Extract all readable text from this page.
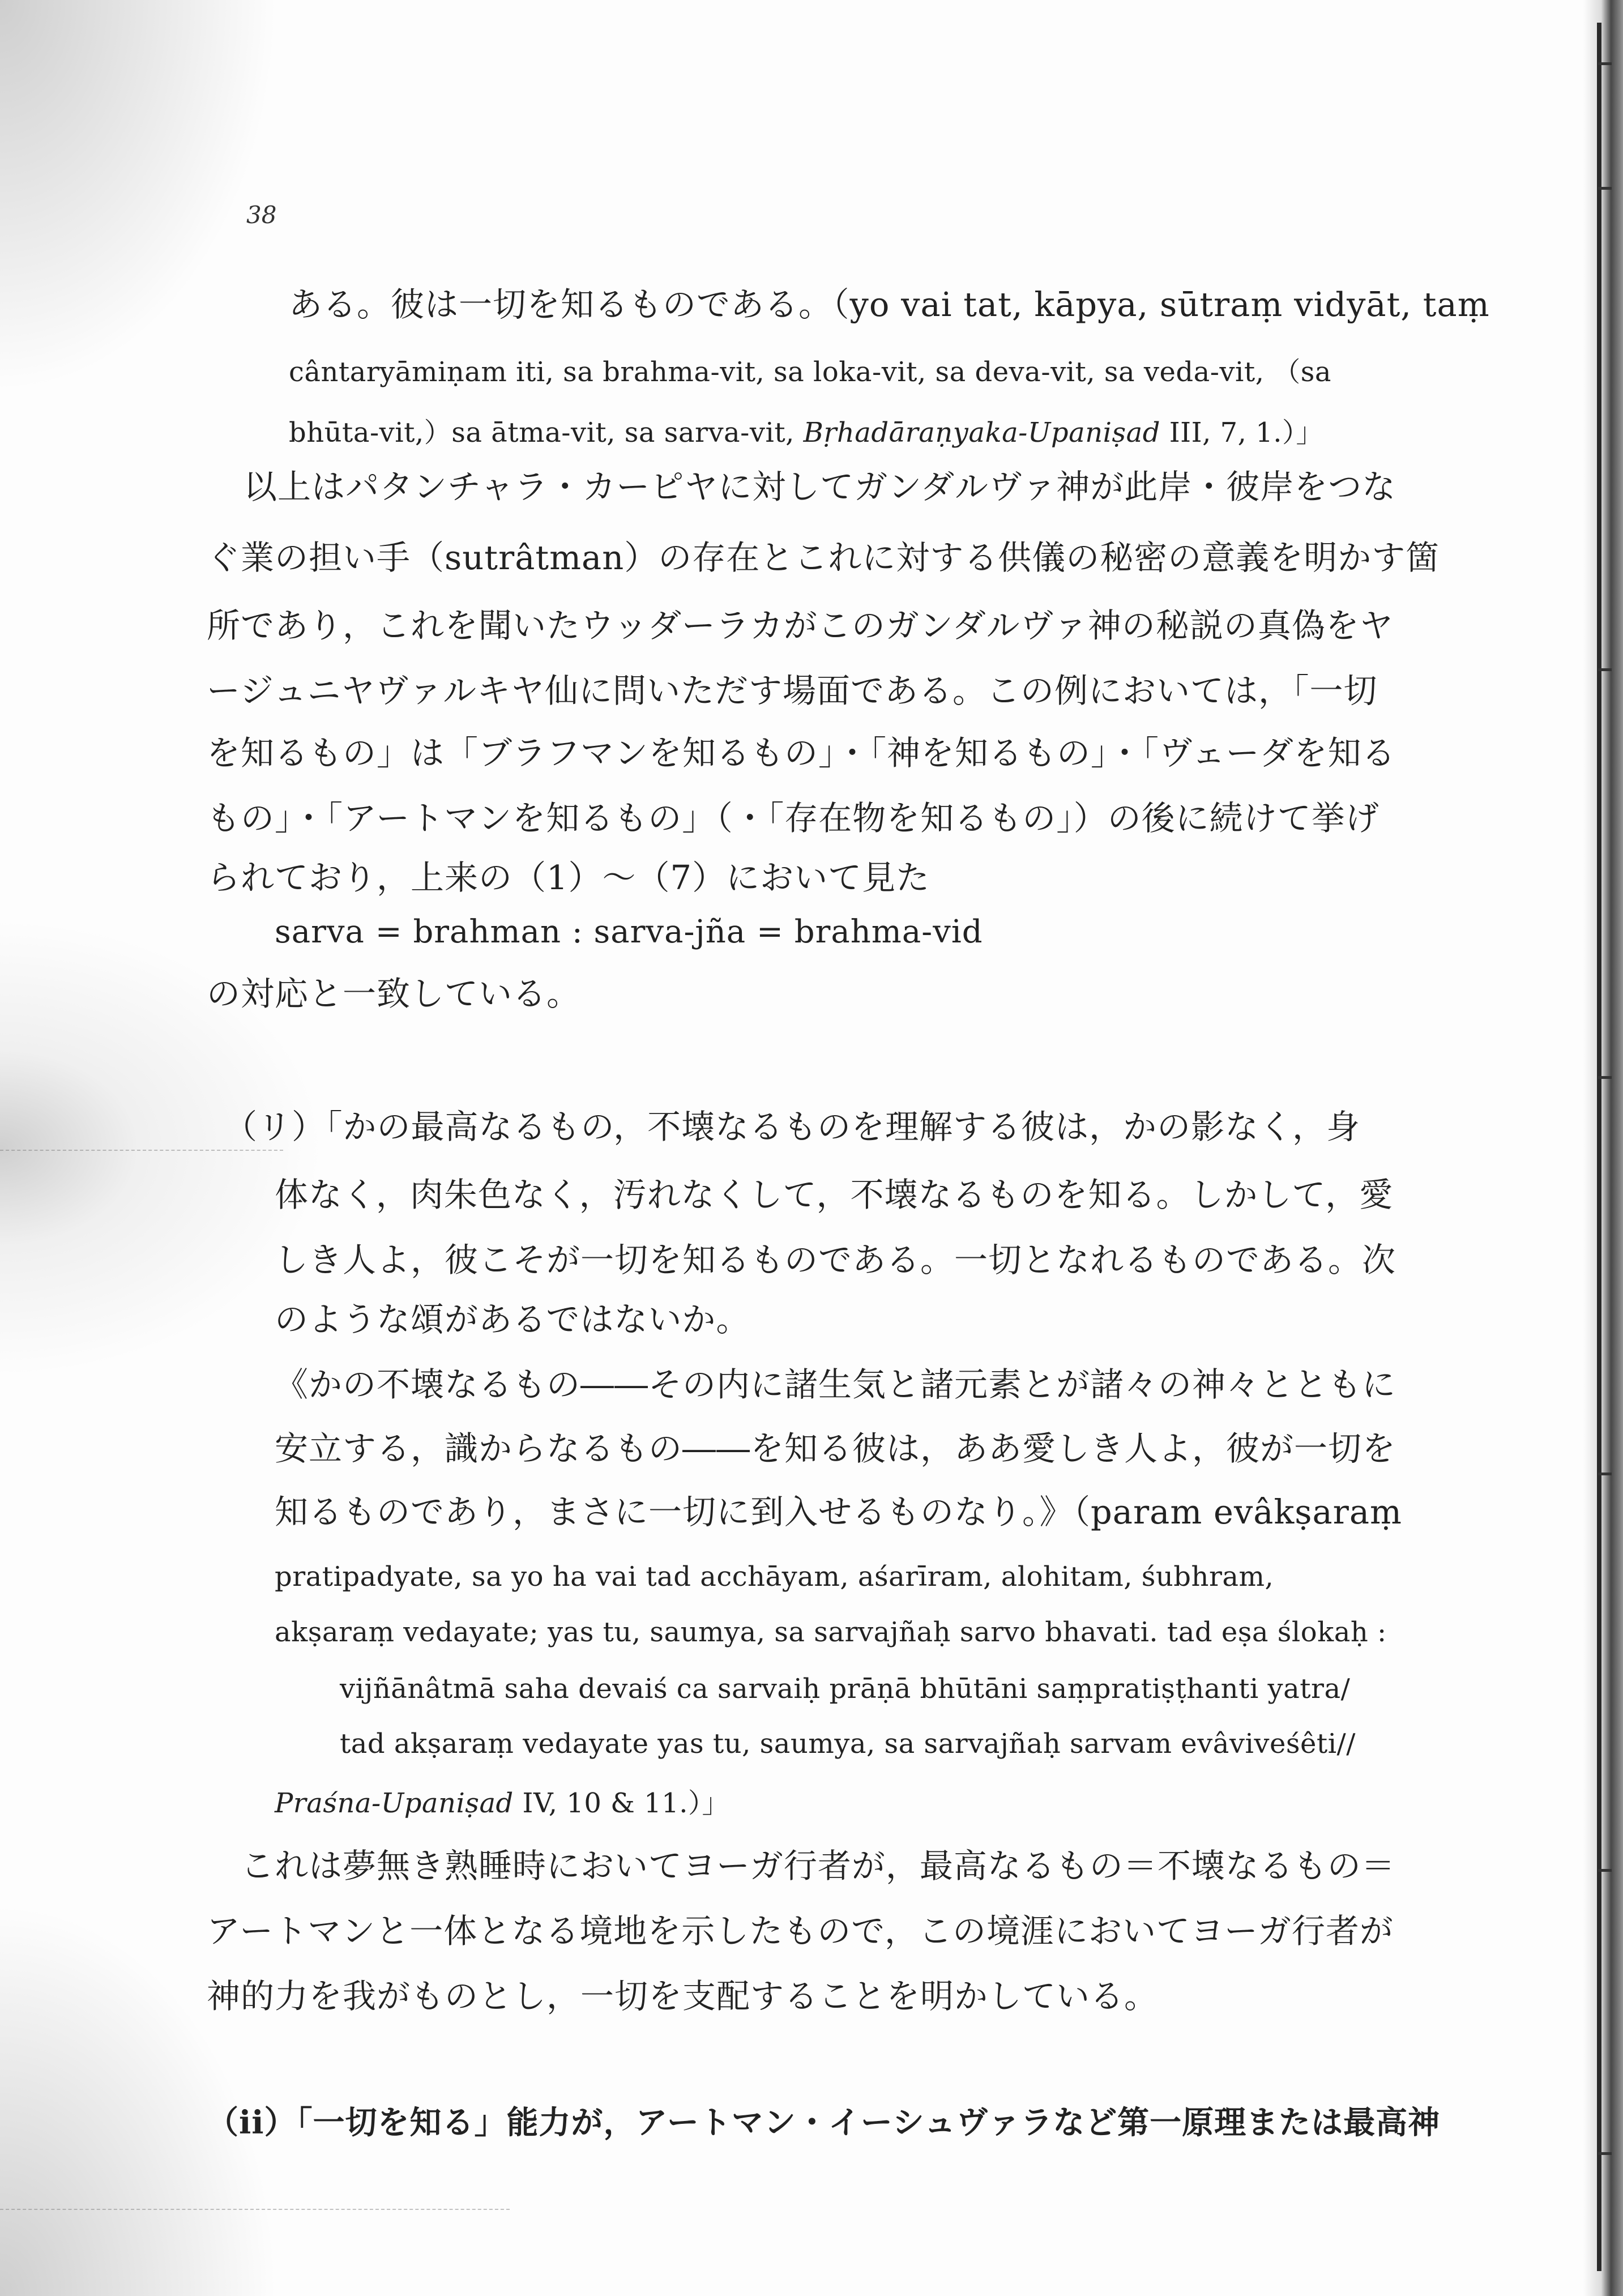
38
ある。彼は一切を知るものである。（yo vai tat, kāpya, sūtraṃ vidyāt, taṃ
cântaryāmiṇam iti, sa brahma-vit, sa loka-vit, sa deva-vit, sa veda-vit, （sa
bhūta-vit,）sa ātma-vit, sa sarva-vit, Bṛhadāraṇyaka-Upaniṣad III, 7, 1.）」
以上はパタンチャラ・カーピヤに対してガンダルヴァ神が此岸・彼岸をつな
ぐ業の担い手（sutrâtman）の存在とこれに対する供儀の秘密の意義を明かす箇
所であり，これを聞いたウッダーラカがこのガンダルヴァ神の秘説の真偽をヤ
ージュニヤヴァルキヤ仙に問いただす場面である。この例においては，「一切
を知るもの」は「ブラフマンを知るもの」・「神を知るもの」・「ヴェーダを知る
もの」・「アートマンを知るもの」（・「存在物を知るもの」）の後に続けて挙げ
られており，上来の（1）～（7）において見た
sarva = brahman : sarva-jña = brahma-vid
の対応と一致している。
（リ）「かの最高なるもの，不壊なるものを理解する彼は，かの影なく，身
体なく，肉朱色なく，汚れなくして，不壊なるものを知る。しかして，愛
しき人よ，彼こそが一切を知るものである。一切となれるものである。次
のような頌があるではないか。
《かの不壊なるもの――その内に諸生気と諸元素とが諸々の神々とともに
安立する，識からなるもの――を知る彼は，ああ愛しき人よ，彼が一切を
知るものであり，まさに一切に到入せるものなり。》（param evâkṣaraṃ
pratipadyate, sa yo ha vai tad acchāyam, aśarīram, alohitam, śubhram,
akṣaraṃ vedayate; yas tu, saumya, sa sarvajñaḥ sarvo bhavati. tad eṣa ślokaḥ :
vijñānâtmā saha devaiś ca sarvaiḥ prāṇā bhūtāni saṃpratiṣṭhanti yatra/
tad akṣaraṃ vedayate yas tu, saumya, sa sarvajñaḥ sarvam evâviveśêti//
Praśna-Upaniṣad IV, 10 & 11.）」
これは夢無き熟睡時においてヨーガ行者が，最高なるもの＝不壊なるもの＝
アートマンと一体となる境地を示したもので，この境涯においてヨーガ行者が
神的力を我がものとし，一切を支配することを明かしている。
（ii）「一切を知る」能力が，アートマン・イーシュヴァラなど第一原理または最高神
